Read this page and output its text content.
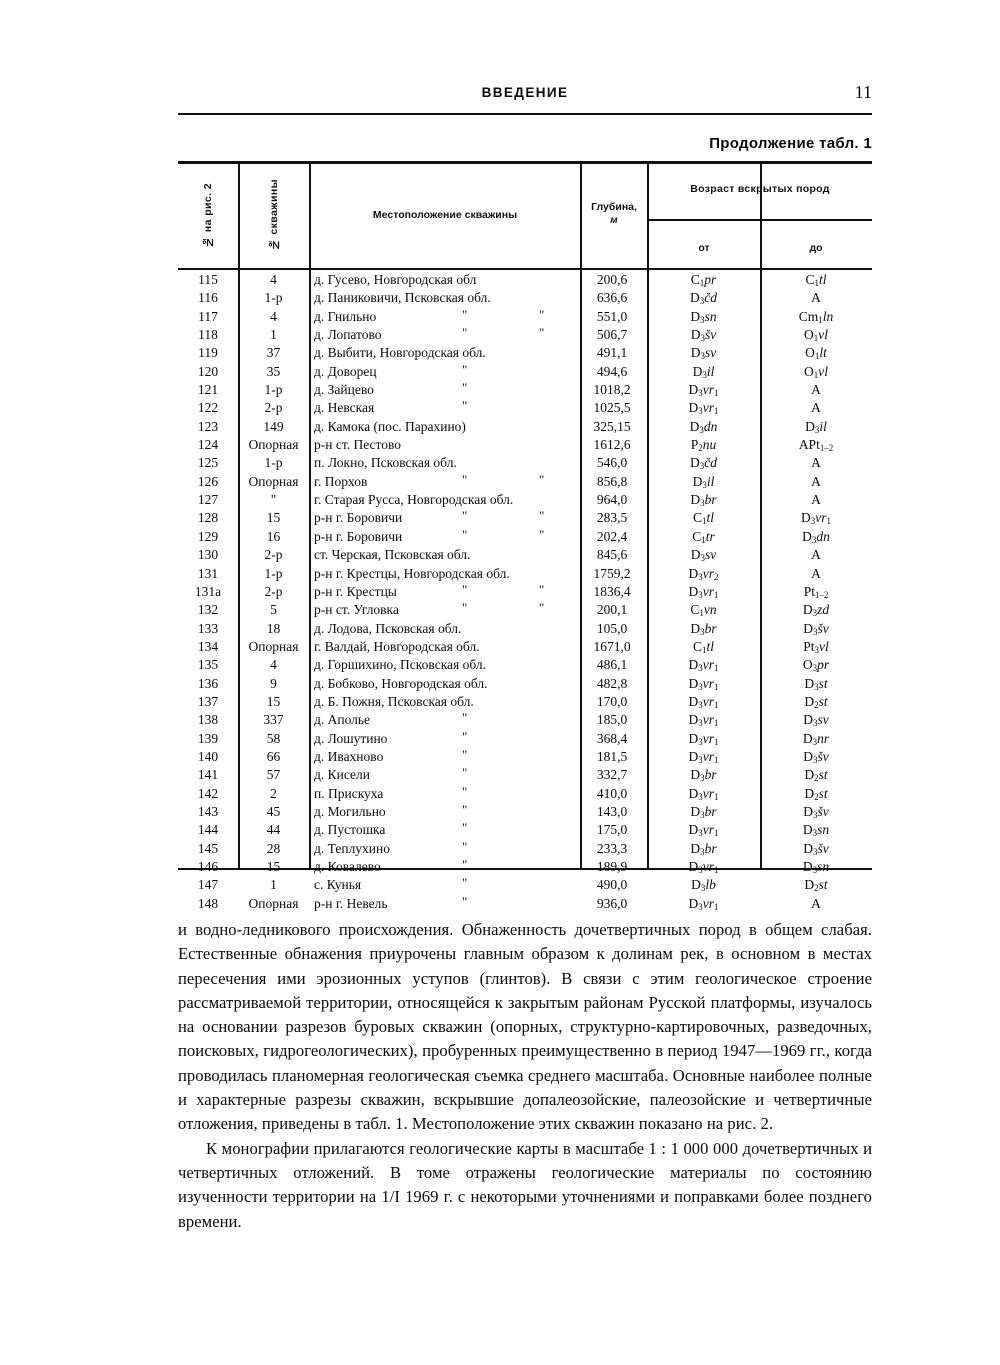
ВВЕДЕНИЕ	11
Продолжение табл. 1
№ на рис. 2	№ скважины	Местоположение скважины
Глубина,
м
Возраст вскрытых пород
от	до
115	4	д. Гусево, Новгородская обл	200,6	$C_1pr$	$C_1tl$
116	1-р	д. Паниковичи, Псковская обл.	636,6	$D_3čd$	A
117	4	д. Гнильно	"	"	551,0	$D_3sn$	$Cm_1\ln$
118	1	д. Лопатово	"	"	506,7	$D_3šv$	$O_1vl$
119	37	д. Выбити, Новгородская обл.	491,1	$D_3sv$	$O_1lt$
120	35	д. Доворец	"	494,6	$D_3il$	$O_1vl$
121	1-р	д. Зайцево	"	1018,2	$D_3vr_1$	A
122	2-р	д. Невская	"	1025,5	$D_3vr_1$	A
123	149	д. Камока (пос. Парахино)	325,15	$D_3dn$	$D_3il$
124	Опорная	р-н ст. Пестово	1612,6	$P_2nu$	APt$_{1-2}$
125	1-р	п. Локно, Псковская обл.	546,0	$D_3čd$	A
126	Опорная	г. Порхов	"	"	856,8	$D_3il$	A
127	"	г. Старая Русса, Новгородская обл.	964,0	$D_3br$	A
128	15	р-н г. Боровичи	"	"	283,5	$C_1tl$	$D_3vr_1$
129	16	р-н г. Боровичи	"	"	202,4	$C_1tr$	$D_3dn$
130	2-р	ст. Черская, Псковская обл.	845,6	$D_3sv$	A
131	1-р	р-н г. Крестцы, Новгородская обл.	1759,2	$D_3vr_2$	A
131а	2-р	р-н г. Крестцы	"	"	1836,4	$D_3vr_1$	$Pt_{1-2}$
132	5	р-н ст. Угловка	"	"	200,1	$C_1vn$	$D_3zd$
133	18	д. Лодова, Псковская обл.	105,0	$D_3br$	$D_3šv$
134	Опорная	г. Валдай, Новгородская обл.	1671,0	$C_1tl$	$Pt_3vl$
135	4	д. Горшихино, Псковская обл.	486,1	$D_3vr_1$	$O_3pr$
136	9	д. Бобково, Новгородская обл.	482,8	$D_3vr_1$	$D_3st$
137	15	д. Б. Пожня, Псковская обл.	170,0	$D_3vr_1$	$D_2st$
138	337	д. Аполье	"	185,0	$D_3vr_1$	$D_3sv$
139	58	д. Лошутино	"	368,4	$D_3vr_1$	$D_3nr$
140	66	д. Ивахново	"	181,5	$D_3vr_1$	$D_3šv$
141	57	д. Кисели	"	332,7	$D_3br$	$D_2st$
142	2	п. Прискуха	"	410,0	$D_3vr_1$	$D_2st$
143	45	д. Могильно	"	143,0	$D_3br$	$D_3šv$
144	44	д. Пустошка	"	175,0	$D_3vr_1$	$D_3sn$
145	28	д. Теплухино	"	233,3	$D_3br$	$D_3šv$
146	15	д. Ковалево	"	189,9	$D_3vr_1$	$D_3sn$
147	1	с. Кунья	"	490,0	$D_3lb$	$D_2st$
148	Опорная	р-н г. Невель	"	936,0	$D_3vr_1$	A

и водно-ледникового происхождения. Обнаженность дочетвертичных пород в общем слабая. Естественные обнажения приурочены главным образом к долинам рек, в основном в местах пересечения ими эрозионных уступов (глинтов). В связи с этим геологическое строение рассматриваемой территории, относящейся к закрытым районам Русской платформы, изучалось на основании разрезов буровых скважин (опорных, структурно-картировочных, разведочных, поисковых, гидрогеологических), пробуренных преимущественно в период 1947—1969 гг., когда проводилась планомерная геологическая съемка среднего масштаба. Основные наиболее полные и характерные разрезы скважин, вскрывшие допалеозойские, палеозойские и четвертичные отложения, приведены в табл. 1. Местоположение этих скважин показано на рис. 2.

К монографии прилагаются геологические карты в масштабе 1 : 1 000 000 дочетвертичных и четвертичных отложений. В томе отражены геологические материалы по состоянию изученности территории на 1/I 1969 г. с некоторыми уточнениями и поправками более позднего времени.
